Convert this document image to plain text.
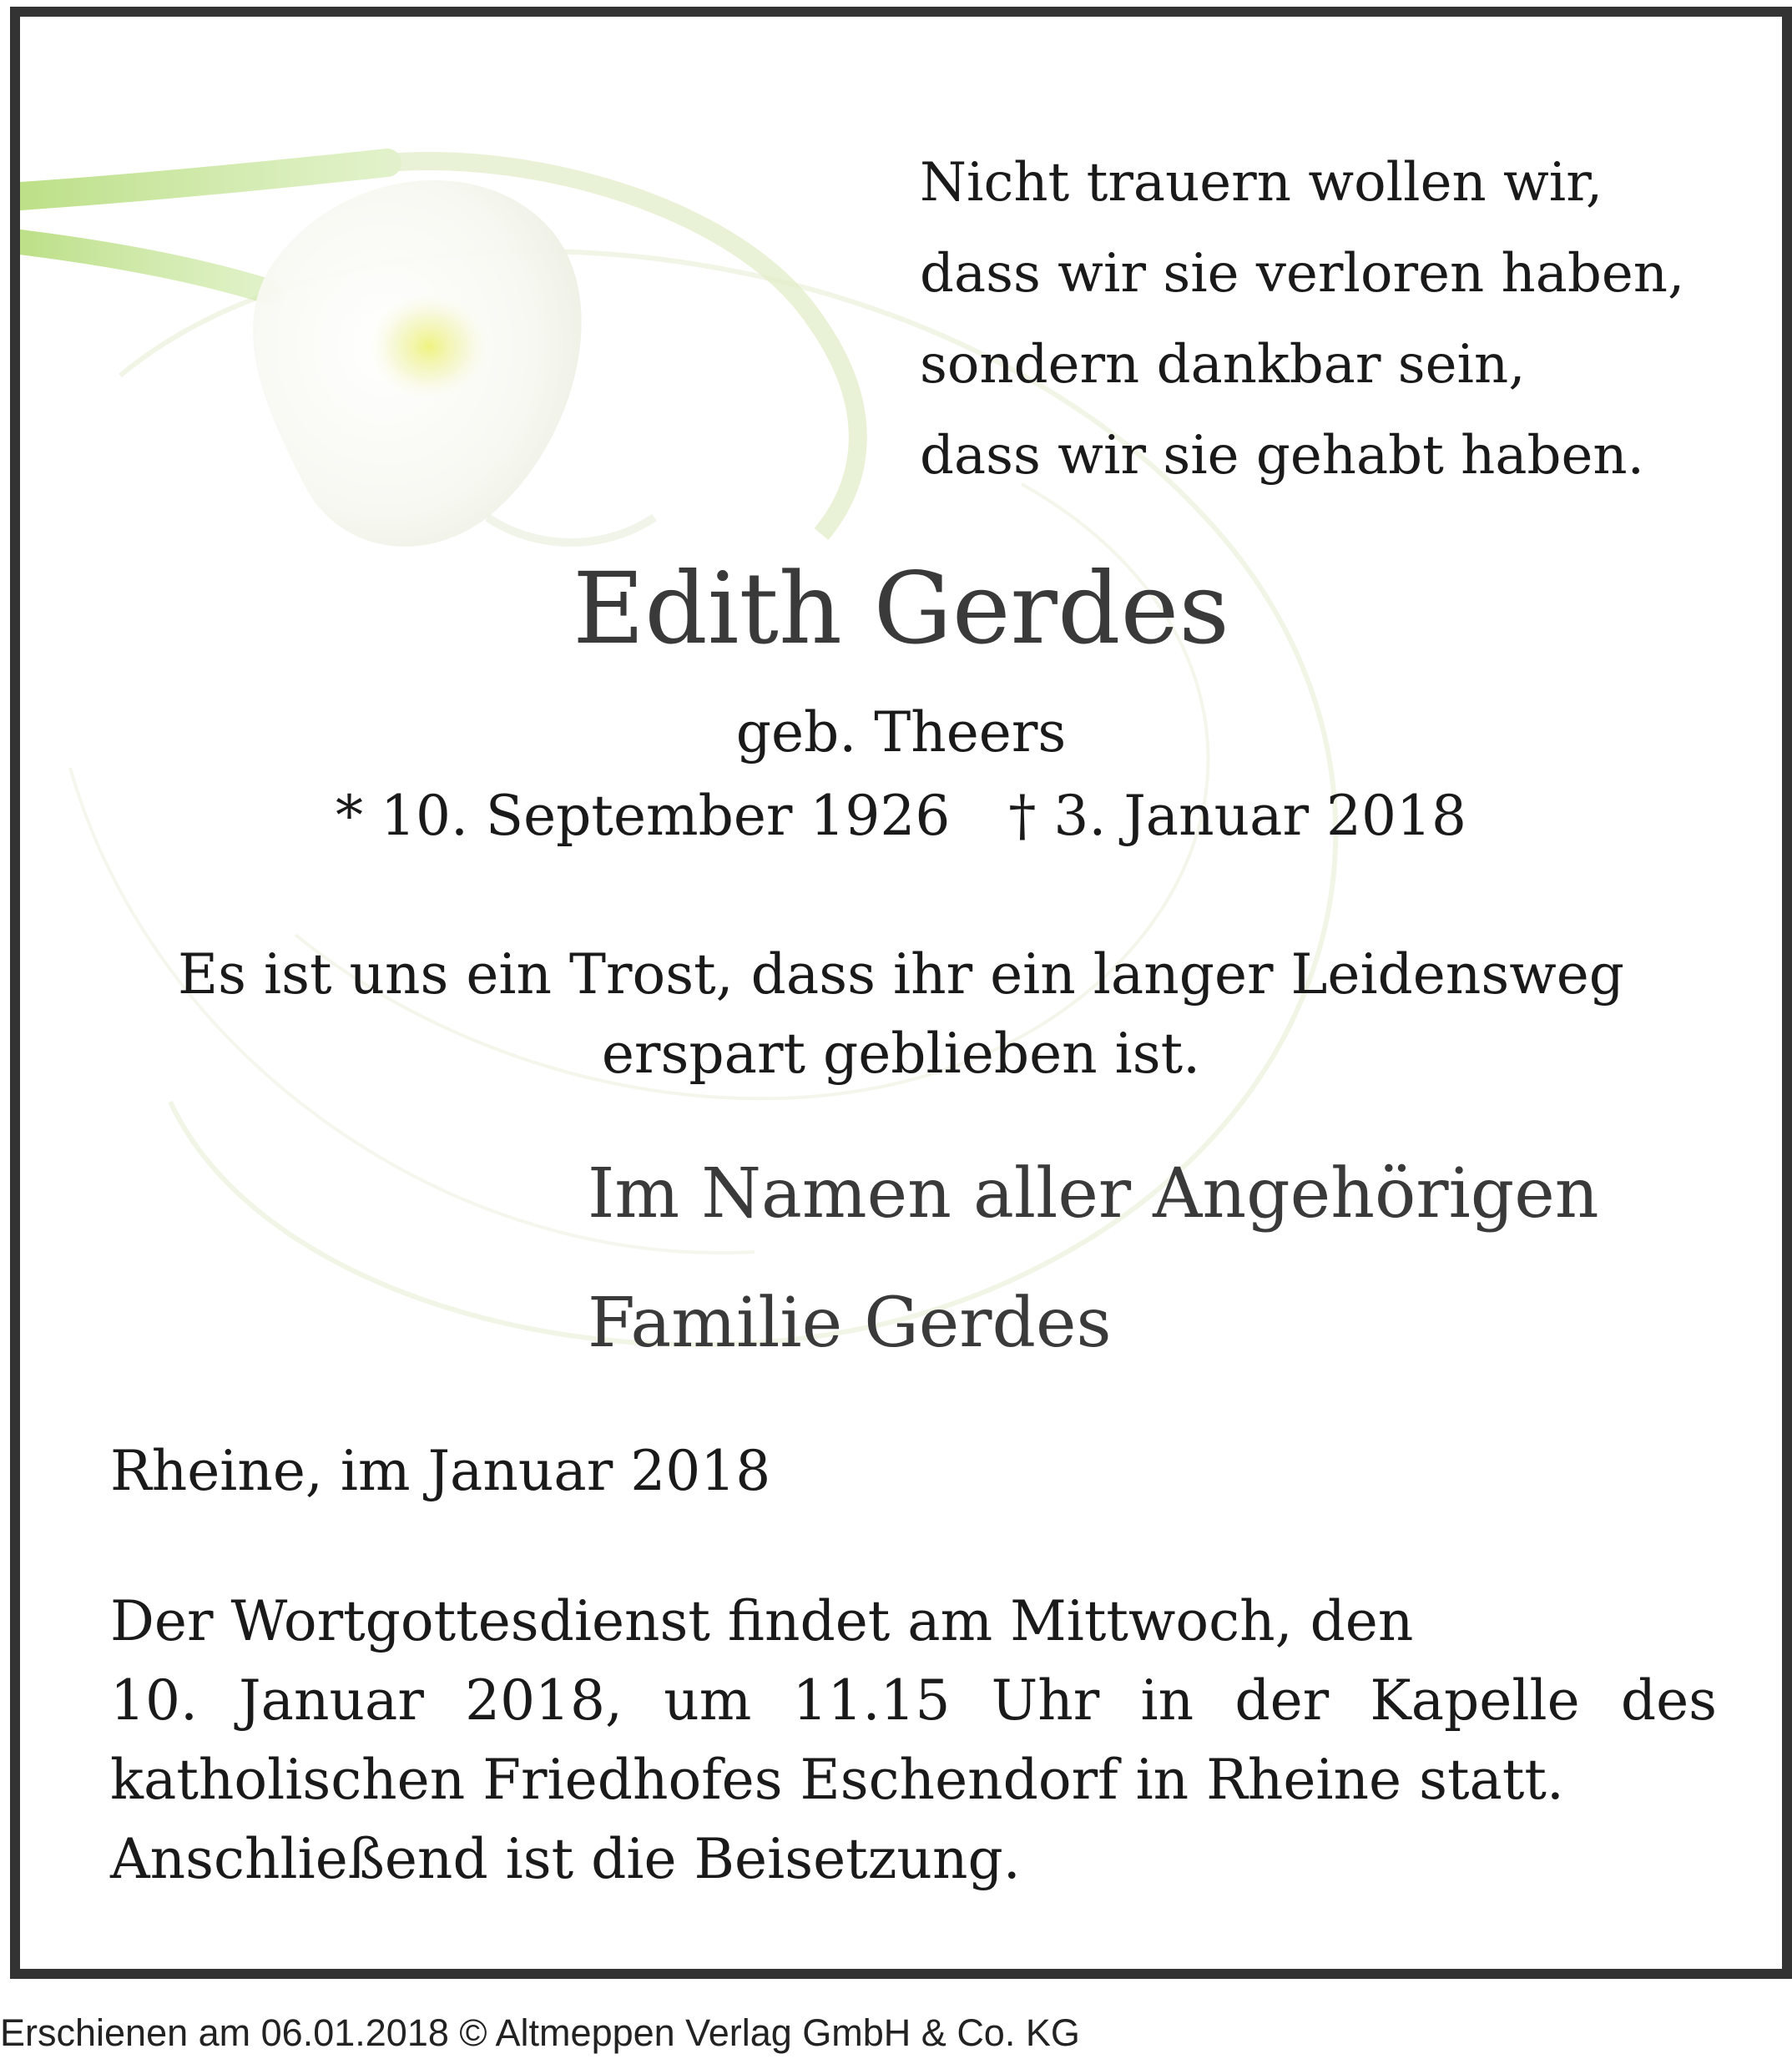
Nicht trauern wollen wir,
dass wir sie verloren haben,
sondern dankbar sein,
dass wir sie gehabt haben.
Edith Gerdes
geb. Theers
* 10. September 1926 † 3. Januar 2018
Es ist uns ein Trost, dass ihr ein langer Leidensweg
erspart geblieben ist.
Im Namen aller Angehörigen
Familie Gerdes
Rheine, im Januar 2018
Der Wortgottesdienst findet am Mittwoch, den
10. Januar 2018, um 11.15 Uhr in der Kapelle des
katholischen Friedhofes Eschendorf in Rheine statt.
Anschließend ist die Beisetzung.
Erschienen am 06.01.2018 © Altmeppen Verlag GmbH & Co. KG
